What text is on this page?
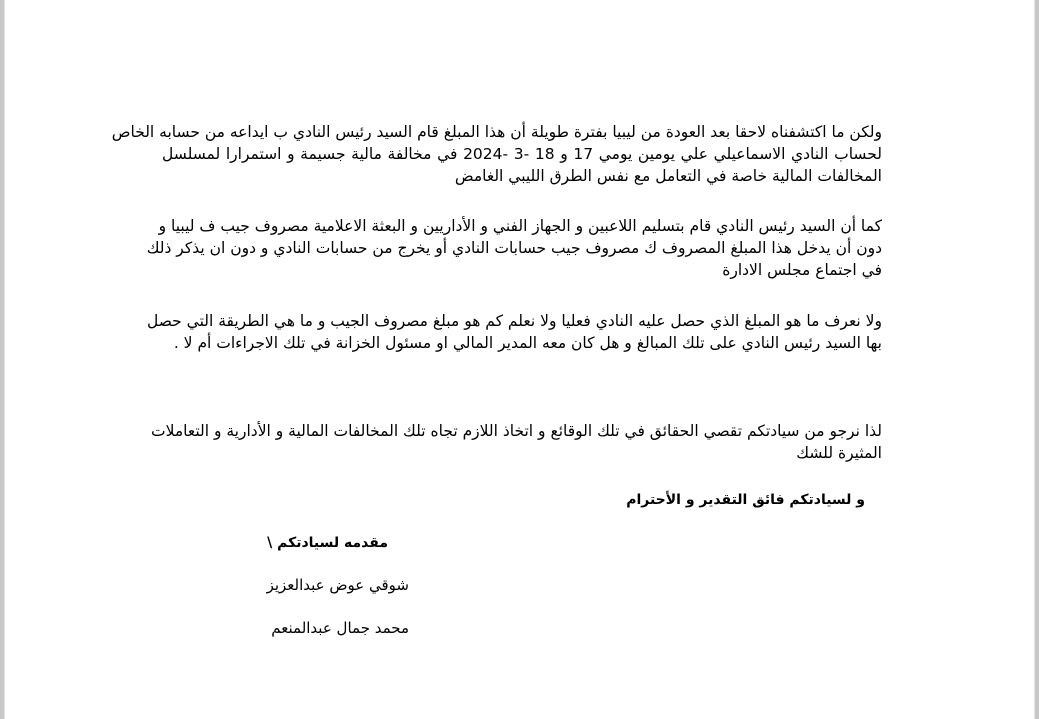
ولكن ما اكتشفناه لاحقا بعد العودة من ليبيا بفترة طويلة أن هذا المبلغ قام السيد رئيس النادي ب ايداعه من حسابه الخاص
لحساب النادي الاسماعيلي علي يومين يومي 17 و 18 -3 -2024 في مخالفة مالية جسيمة و استمرارا لمسلسل
المخالفات المالية خاصة في التعامل مع نفس الطرق الليبي الغامض
كما أن السيد رئيس النادي قام بتسليم اللاعبين و الجهاز الفني و الأداريين و البعثة الاعلامية مصروف جيب ف ليبيا و
دون أن يدخل هذا المبلغ المصروف ك مصروف جيب حسابات النادي أو يخرج من حسابات النادي و دون ان يذكر ذلك
في اجتماع مجلس الادارة
ولا نعرف ما هو المبلغ الذي حصل عليه النادي فعليا ولا نعلم كم هو مبلغ مصروف الجيب و ما هي الطريقة التي حصل
بها السيد رئيس النادي على تلك المبالغ و هل كان معه المدير المالي او مسئول الخزانة في تلك الاجراءات أم لا .
لذا نرجو من سيادتكم تقصي الحقائق في تلك الوقائع و اتخاذ اللازم تجاه تلك المخالفات المالية و الأدارية و التعاملات
المثيرة للشك
و لسيادتكم فائق التقدير و الأحترام
مقدمه لسيادتكم \
شوقي عوض عبدالعزيز
محمد جمال عبدالمنعم
